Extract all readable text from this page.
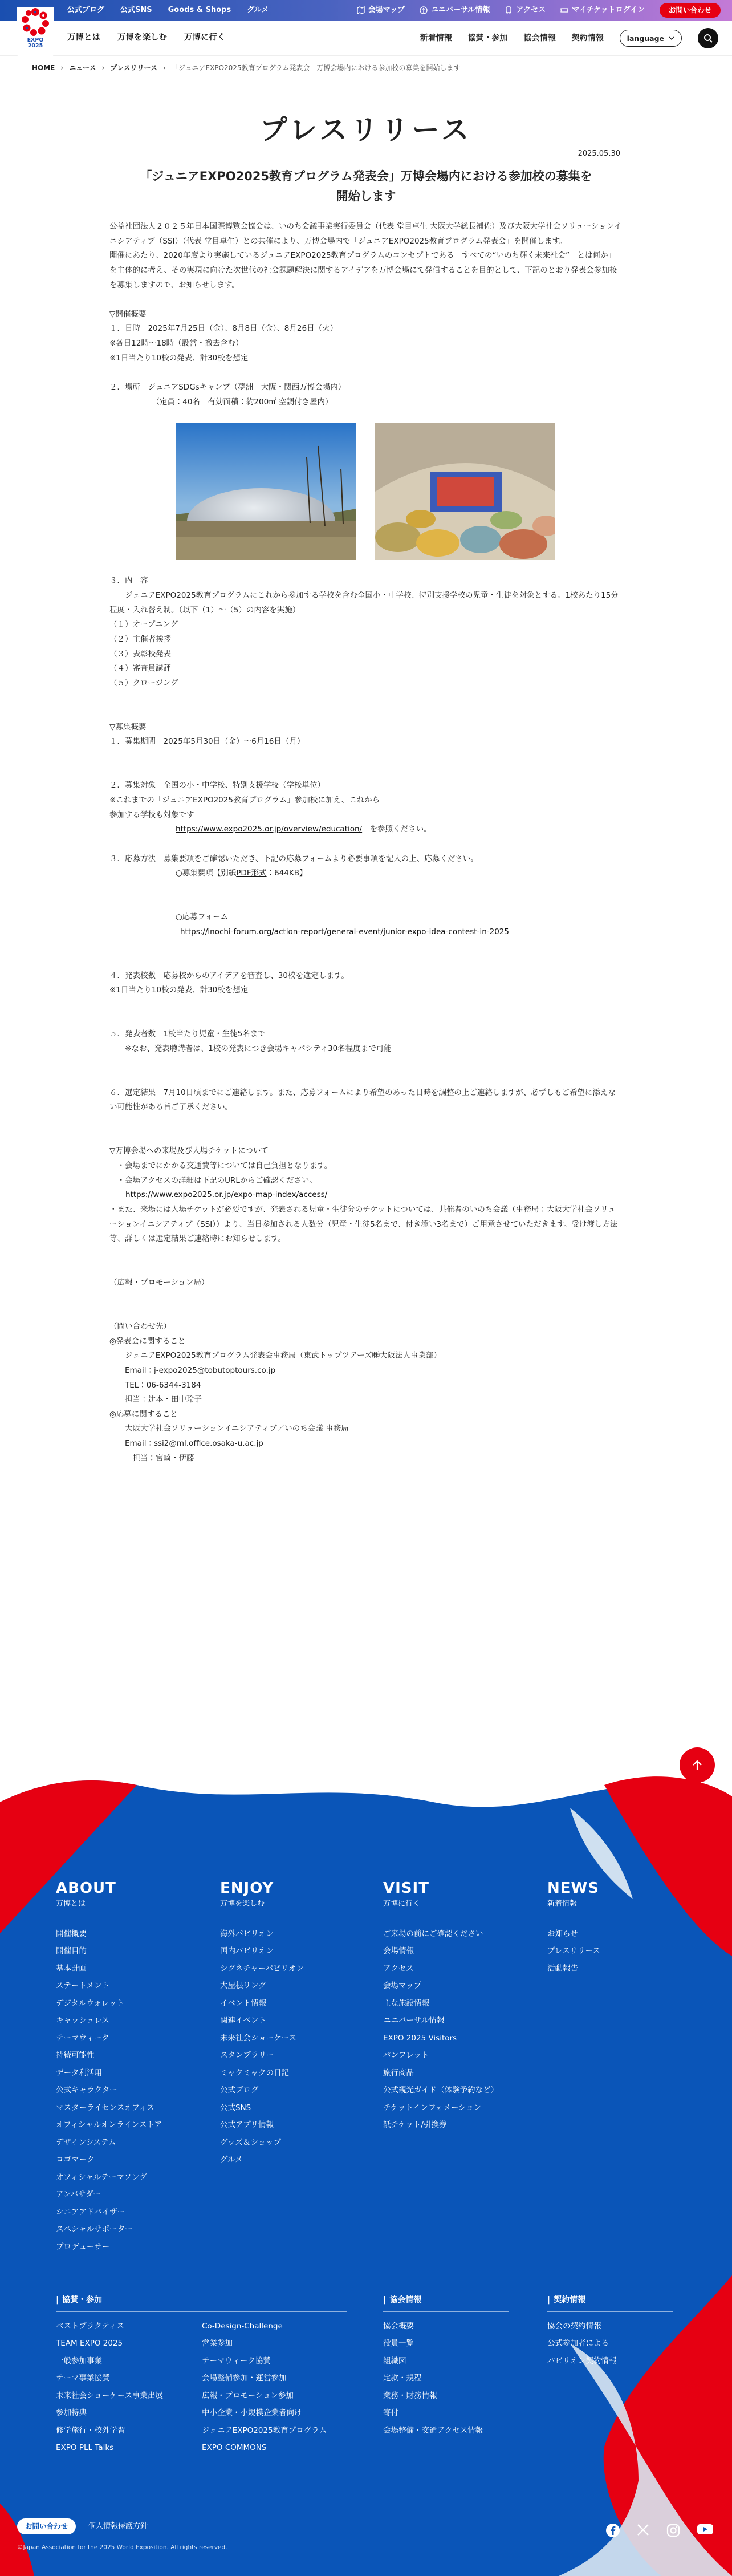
公式ブログ 公式SNS Goods & Shops グルメ	会場マップ	ユニバーサル情報	アクセス	マイチケットログイン	お問い合わせ
EXPO
2025
万博とは 万博を楽しむ 万博に行く	新着情報 協賛・参加 協会情報 契約情報	language
HOME › ニュース › プレスリリース › 「ジュニアEXPO2025教育プログラム発表会」万博会場内における参加校の募集を開始します
プレスリリース
2025.05.30
「ジュニアEXPO2025教育プログラム発表会」万博会場内における参加校の募集を
開始します

公益社団法人２０２５年日本国際博覧会協会は、いのち会議事業実行委員会（代表 堂目卓生 大阪大学総長補佐）及び大阪大学社会ソリューションイニシアティブ（SSI）（代表 堂目卓生）との共催により、万博会場内で「ジュニアEXPO2025教育プログラム発表会」を開催します。

開催にあたり、2020年度より実施しているジュニアEXPO2025教育プログラムのコンセプトである「すべての“いのち輝く未来社会”」とは何か」を主体的に考え、その実現に向けた次世代の社会課題解決に関するアイデアを万博会場にて発信することを目的として、下記のとおり発表会参加校を募集しますので、お知らせします。

▽開催概要

１．日時　2025年7月25日（金）、8月8日（金）、8月26日（火）

※各日12時〜18時（設営・撤去含む）

※1日当たり10校の発表、計30校を想定

２．場所　ジュニアSDGsキャンプ（夢洲　大阪・関西万博会場内）

　　　　　　（定員：40名　有効面積：約200㎡ 空調付き屋内）

３．内　容

　　ジュニアEXPO2025教育プログラムにこれから参加する学校を含む全国小・中学校、特別支援学校の児童・生徒を対象とする。1校あたり15分程度・入れ替え制。（以下（1）〜（5）の内容を実施）

（１）オープニング

（２）主催者挨拶

（３）表彰校発表

（４）審査員講評

（５）クロージング

▽募集概要

１．募集期間　2025年5月30日（金）〜6月16日（月）

２．募集対象　全国の小・中学校、特別支援学校（学校単位）

※これまでの「ジュニアEXPO2025教育プログラム」参加校に加え、これから

参加する学校も対象です

https://www.expo2025.or.jp/overview/education/　を参照ください。

３．応募方法　募集要項をご確認いただき、下記の応募フォームより必要事項を記入の上、応募ください。

○募集要項【別紙PDF形式：644KB】

○応募フォーム

https://inochi-forum.org/action-report/general-event/junior-expo-idea-contest-in-2025

４．発表校数　応募校からのアイデアを審査し、30校を選定します。

※1日当たり10校の発表、計30校を想定

５．発表者数　1校当たり児童・生徒5名まで

　　※なお、発表聴講者は、1校の発表につき会場キャパシティ30名程度まで可能

６．選定結果　7月10日頃までにご連絡します。また、応募フォームにより希望のあった日時を調整の上ご連絡しますが、必ずしもご希望に添えない可能性がある旨ご了承ください。

▽万博会場への来場及び入場チケットについて

　・会場までにかかる交通費等については自己負担となります。

　・会場アクセスの詳細は下記のURLからご確認ください。

https://www.expo2025.or.jp/expo-map-index/access/

・また、来場には入場チケットが必要ですが、発表される児童・生徒分のチケットについては、共催者のいのち会議（事務局：大阪大学社会ソリューションイニシアティブ（SSI））より、当日参加される人数分（児童・生徒5名まで、付き添い3名まで）ご用意させていただきます。受け渡し方法等、詳しくは選定結果ご連絡時にお知らせします。

（広報・プロモーション局）

（問い合わせ先）

◎発表会に関すること

　　ジュニアEXPO2025教育プログラム発表会事務局（東武トップツアーズ㈱大阪法人事業部）

　　Email：j-expo2025@tobutoptours.co.jp

　　TEL：06-6344-3184

　　担当：辻本・田中玲子

◎応募に関すること

　　大阪大学社会ソリューションイニシアティブ／いのち会議 事務局

　　Email：ssi2@ml.office.osaka-u.ac.jp

　　　担当：宮崎・伊藤

ABOUT
万博とは
開催概要
開催目的
基本計画
ステートメント
デジタルウォレット
キャッシュレス
テーマウィーク
持続可能性
データ利活用
公式キャラクター
マスターライセンスオフィス
オフィシャルオンラインストア
デザインシステム
ロゴマーク
オフィシャルテーマソング
アンバサダー
シニアアドバイザー
スペシャルサポーター
プロデューサー
ENJOY
万博を楽しむ
海外パビリオン
国内パビリオン
シグネチャーパビリオン
大屋根リング
イベント情報
関連イベント
未来社会ショーケース
スタンプラリー
ミャクミャクの日記
公式ブログ
公式SNS
公式アプリ情報
グッズ＆ショップ
グルメ
VISIT
万博に行く
ご来場の前にご確認ください
会場情報
アクセス
会場マップ
主な施設情報
ユニバーサル情報
EXPO 2025 Visitors
パンフレット
旅行商品
公式観光ガイド（体験予約など）
チケットインフォメーション
紙チケット/引換券
NEWS
新着情報
お知らせ
プレスリリース
活動報告
| 協賛・参加
ベストプラクティス
TEAM EXPO 2025
一般参加事業
テーマ事業協賛
未来社会ショーケース事業出展
参加特典
修学旅行・校外学習
EXPO PLL Talks
Co-Design-Challenge
営業参加
テーマウィーク協賛
会場整備参加・運営参加
広報・プロモーション参加
中小企業・小規模企業者向け
ジュニアEXPO2025教育プログラム
EXPO COMMONS
| 協会情報
協会概要
役員一覧
組織図
定款・規程
業務・財務情報
寄付
会場整備・交通アクセス情報
| 契約情報
協会の契約情報
公式参加者による
パビリオン契約情報
お問い合わせ	個人情報保護方針
©Japan Association for the 2025 World Exposition. All rights reserved.
